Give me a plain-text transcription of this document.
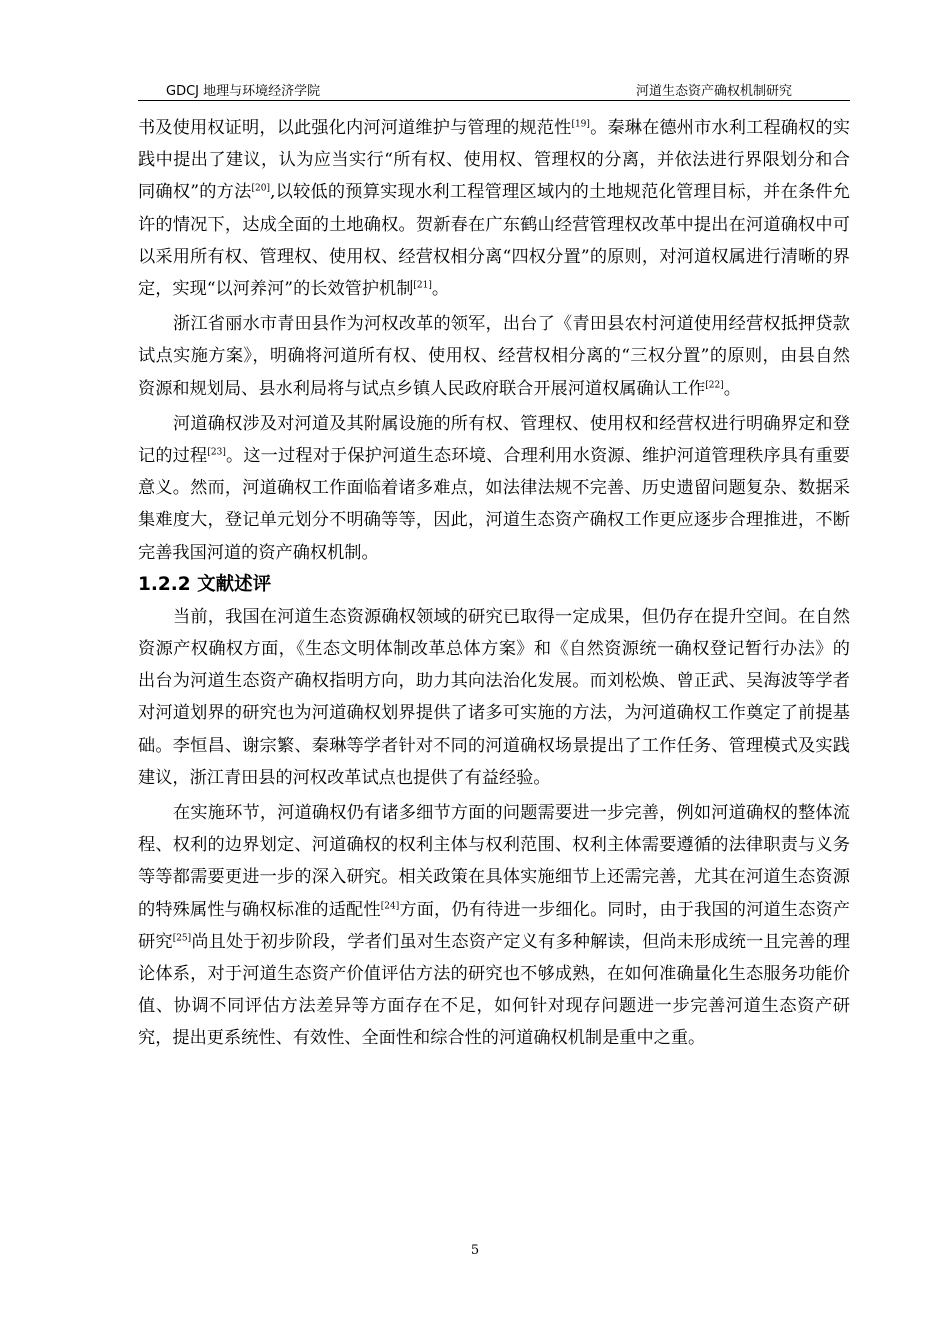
GDCJ 地理与环境经济学院	河道生态资产确权机制研究

书及使用权证明，以此强化内河河道维护与管理的规范性[19]。秦琳在德州市水利工程确权的实践中提出了建议，认为应当实行“所有权、使用权、管理权的分离，并依法进行界限划分和合同确权”的方法[20],以较低的预算实现水利工程管理区域内的土地规范化管理目标，并在条件允许的情况下，达成全面的土地确权。贺新春在广东鹤山经营管理权改革中提出在河道确权中可以采用所有权、管理权、使用权、经营权相分离“四权分置”的原则，对河道权属进行清晰的界定，实现“以河养河”的长效管护机制[21]。

浙江省丽水市青田县作为河权改革的领军，出台了《青田县农村河道使用经营权抵押贷款试点实施方案》，明确将河道所有权、使用权、经营权相分离的“三权分置”的原则，由县自然资源和规划局、县水利局将与试点乡镇人民政府联合开展河道权属确认工作[22]。

河道确权涉及对河道及其附属设施的所有权、管理权、使用权和经营权进行明确界定和登记的过程[23]。这一过程对于保护河道生态环境、合理利用水资源、维护河道管理秩序具有重要意义。然而，河道确权工作面临着诸多难点，如法律法规不完善、历史遗留问题复杂、数据采集难度大，登记单元划分不明确等等，因此，河道生态资产确权工作更应逐步合理推进，不断完善我国河道的资产确权机制。

1.2.2 文献述评

当前，我国在河道生态资源确权领域的研究已取得一定成果，但仍存在提升空间。在自然资源产权确权方面，《生态文明体制改革总体方案》和《自然资源统一确权登记暂行办法》的出台为河道生态资产确权指明方向，助力其向法治化发展。而刘松焕、曾正武、吴海波等学者对河道划界的研究也为河道确权划界提供了诸多可实施的方法，为河道确权工作奠定了前提基础。李恒昌、谢宗繁、秦琳等学者针对不同的河道确权场景提出了工作任务、管理模式及实践建议，浙江青田县的河权改革试点也提供了有益经验。

在实施环节，河道确权仍有诸多细节方面的问题需要进一步完善，例如河道确权的整体流程、权利的边界划定、河道确权的权利主体与权利范围、权利主体需要遵循的法律职责与义务等等都需要更进一步的深入研究。相关政策在具体实施细节上还需完善，尤其在河道生态资源的特殊属性与确权标准的适配性[24]方面，仍有待进一步细化。同时，由于我国的河道生态资产研究[25]尚且处于初步阶段，学者们虽对生态资产定义有多种解读，但尚未形成统一且完善的理论体系，对于河道生态资产价值评估方法的研究也不够成熟，在如何准确量化生态服务功能价值、协调不同评估方法差异等方面存在不足，如何针对现存问题进一步完善河道生态资产研究，提出更系统性、有效性、全面性和综合性的河道确权机制是重中之重。

5
